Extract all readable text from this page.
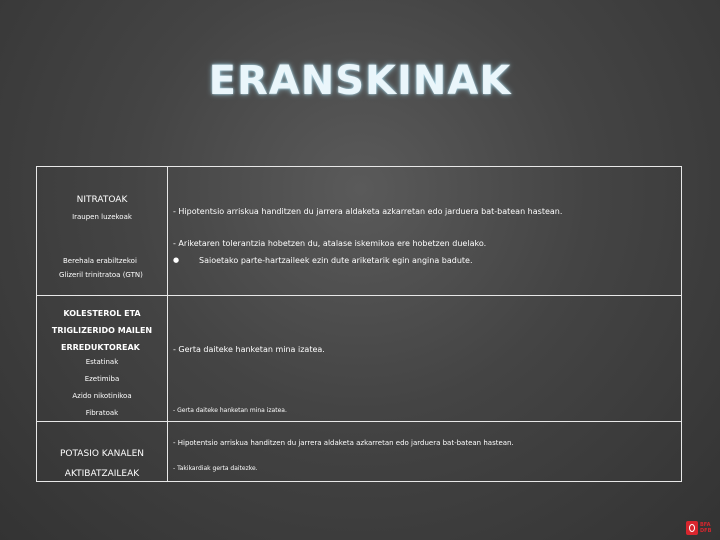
ERANSKINAK
NITRATOAK
Iraupen luzekoak
Berehala erabiltzekoi
Glizeril trinitratoa (GTN)
- Hipotentsio arriskua handitzen du jarrera aldaketa azkarretan edo jarduera bat-batean hastean.
- Ariketaren tolerantzia hobetzen du, atalase iskemikoa ere hobetzen duelako.
● Saioetako parte-hartzaileek ezin dute ariketarik egin angina badute.
KOLESTEROL ETA
TRIGLIZERIDO MAILEN
ERREDUKTOREAK
Estatinak
Ezetimiba
Azido nikotinikoa
Fibratoak
- Gerta daiteke hanketan mina izatea.
- Gerta daiteke hanketan mina izatea.
POTASIO KANALEN
AKTIBATZAILEAK
- Hipotentsio arriskua handitzen du jarrera aldaketa azkarretan edo jarduera bat-batean hastean.
- Takikardiak gerta daitezke.
BFA
DFB
